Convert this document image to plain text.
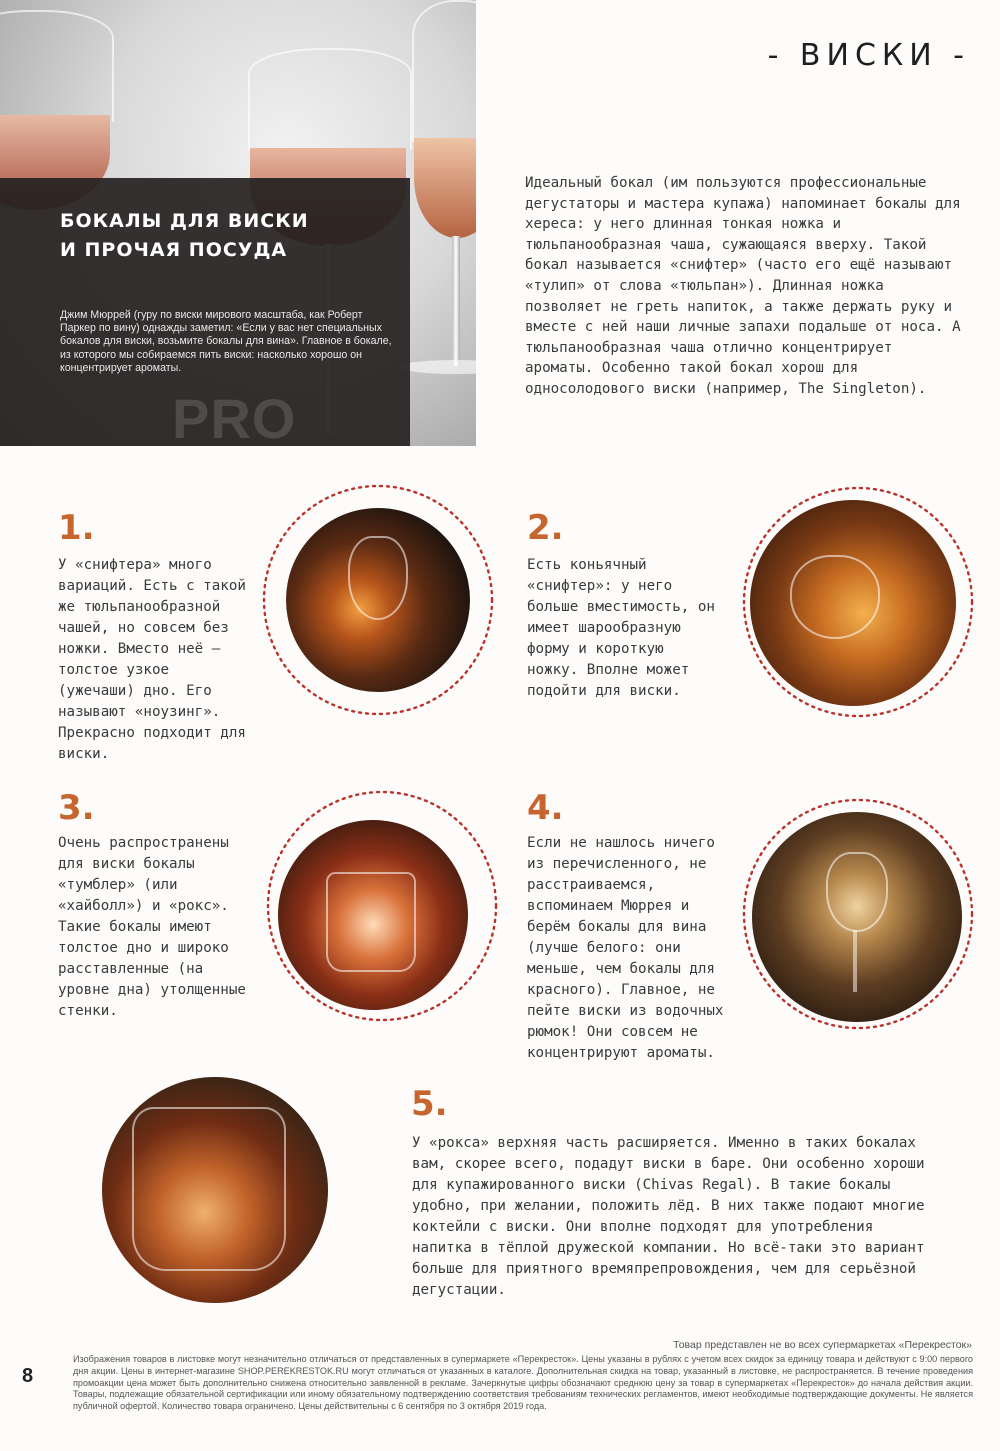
PRO
БОКАЛЫ ДЛЯ ВИСКИ
И ПРОЧАЯ ПОСУДА
Джим Мюррей (гуру по виски мирового масштаба, как Роберт Паркер по вину) однажды заметил: «Если у вас нет специальных бокалов для виски, возьмите бокалы для вина». Главное в бокале, из которого мы собираемся пить виски: насколько хорошо он концентрирует ароматы.
- ВИСКИ -
Идеальный бокал (им пользуются профессиональные дегустаторы и мастера купажа) напоминает бокалы для хереса: у него длинная тонкая ножка и тюльпанообразная чаша, сужающаяся вверху. Такой бокал называется «снифтер» (часто его ещё называют «тулип» от слова «тюльпан»). Длинная ножка позволяет не греть напиток, а также держать руку и вместе с ней наши личные запахи подальше от носа. А тюльпанообразная чаша отлично концентрирует ароматы. Особенно такой бокал хорош для односолодового виски (например, The Singleton).
1.
У «снифтера» много вариаций. Есть с такой же тюльпанообразной чашей, но совсем без ножки. Вместо неё – толстое узкое (ужечаши) дно. Его называют «ноузинг». Прекрасно подходит для виски.
2.
Есть коньячный «снифтер»: у него больше вместимость, он имеет шарообразную форму и короткую ножку. Вполне может подойти для виски.
3.
Очень распространены для виски бокалы «тумблер» (или «хайболл») и «рокс». Такие бокалы имеют толстое дно и широко расставленные (на уровне дна) утолщенные стенки.
4.
Если не нашлось ничего из перечисленного, не расстраиваемся, вспоминаем Мюррея и берём бокалы для вина (лучше белого: они меньше, чем бокалы для красного). Главное, не пейте виски из водочных рюмок! Они совсем не концентрируют ароматы.
5.
У «рокса» верхняя часть расширяется. Именно в таких бокалах вам, скорее всего, подадут виски в баре. Они особенно хороши для купажированного виски (Chivas Regal). В такие бокалы удобно, при желании, положить лёд. В них также подают многие коктейли с виски. Они вполне подходят для употребления напитка в тёплой дружеской компании. Но всё-таки это вариант больше для приятного времяпрепровождения, чем для серьёзной дегустации.
Товар представлен не во всех супермаркетах «Перекресток»
Изображения товаров в листовке могут незначительно отличаться от представленных в супермаркете «Перекресток». Цены указаны в рублях с учетом всех скидок за единицу товара и действуют с 9:00 первого дня акции. Цены в интернет-магазине SHOP.PEREKRESTOK.RU могут отличаться от указанных в каталоге. Дополнительная скидка на товар, указанный в листовке, не распространяется. В течение проведения промоакции цена может быть дополнительно снижена относительно заявленной в рекламе. Зачеркнутые цифры обозначают среднюю цену за товар в супермаркетах «Перекресток» до начала действия акции. Товары, подлежащие обязательной сертификации или иному обязательному подтверждению соответствия требованиям технических регламентов, имеют необходимые подтверждающие документы. Не является публичной офертой. Количество товара ограничено. Цены действительны с 6 сентября по 3 октября 2019 года.
8
